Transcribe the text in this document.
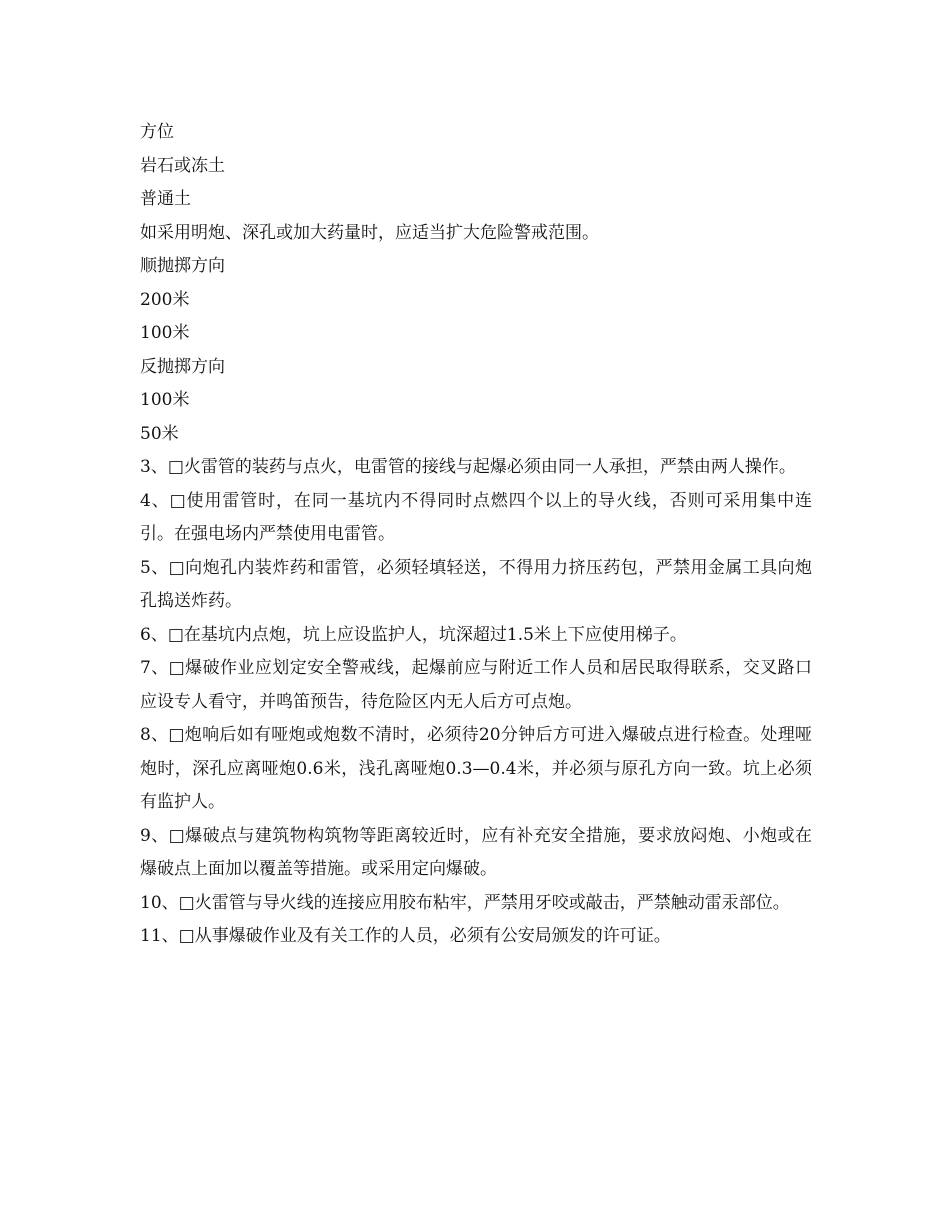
方位
岩石或冻土
普通土
如采用明炮、深孔或加大药量时，应适当扩大危险警戒范围。
顺抛掷方向
200米
100米
反抛掷方向
100米
50米

3、□火雷管的装药与点火，电雷管的接线与起爆必须由同一人承担，严禁由两人操作。

4、□使用雷管时，在同一基坑内不得同时点燃四个以上的导火线，否则可采用集中连引。在强电场内严禁使用电雷管。

5、□向炮孔内装炸药和雷管，必须轻填轻送，不得用力挤压药包，严禁用金属工具向炮孔捣送炸药。

6、□在基坑内点炮，坑上应设监护人，坑深超过1.5米上下应使用梯子。

7、□爆破作业应划定安全警戒线，起爆前应与附近工作人员和居民取得联系，交叉路口应设专人看守，并鸣笛预告，待危险区内无人后方可点炮。

8、□炮响后如有哑炮或炮数不清时，必须待20分钟后方可进入爆破点进行检查。处理哑炮时，深孔应离哑炮0.6米，浅孔离哑炮0.3—0.4米，并必须与原孔方向一致。坑上必须有监护人。

9、□爆破点与建筑物构筑物等距离较近时，应有补充安全措施，要求放闷炮、小炮或在爆破点上面加以覆盖等措施。或采用定向爆破。

10、□火雷管与导火线的连接应用胶布粘牢，严禁用牙咬或敲击，严禁触动雷汞部位。

11、□从事爆破作业及有关工作的人员，必须有公安局颁发的许可证。
